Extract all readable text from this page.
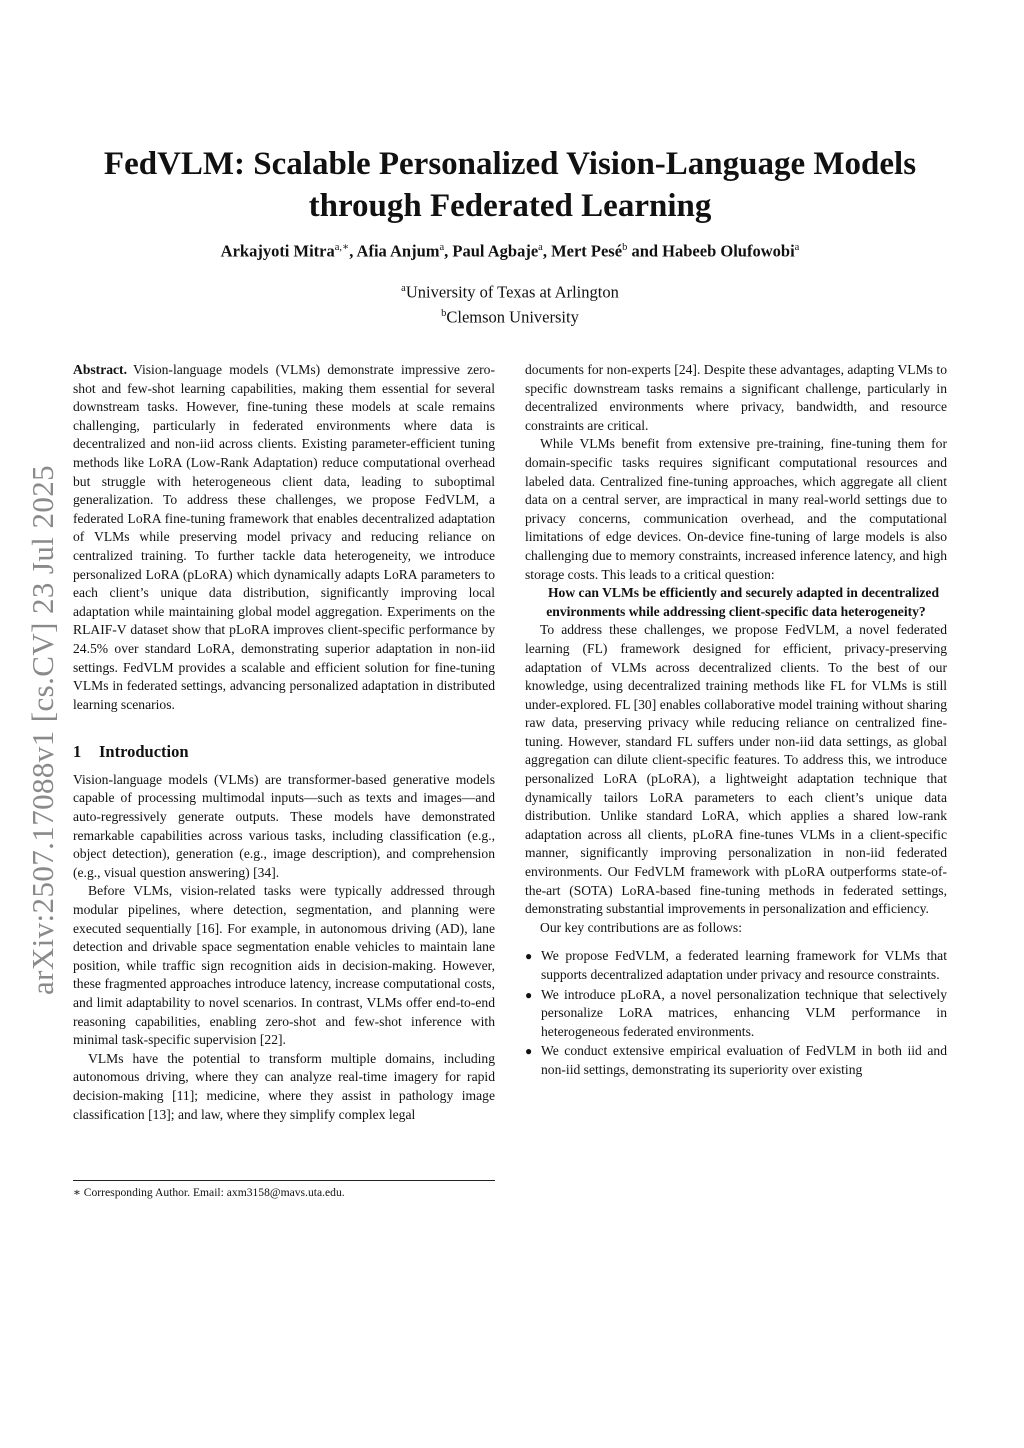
arXiv:2507.17088v1 [cs.CV] 23 Jul 2025
FedVLM: Scalable Personalized Vision-Language Models
through Federated Learning
Arkajyoti Mitra$^{a,∗}$, Afia Anjum$^a$, Paul Agbaje$^a$, Mert Pesé$^b$ and Habeeb Olufowobi$^a$
$^a$University of Texas at Arlington
$^b$Clemson University

Abstract. Vision-language models (VLMs) demonstrate impressive zero-shot and few-shot learning capabilities, making them essential for several downstream tasks. However, fine-tuning these models at scale remains challenging, particularly in federated environments where data is decentralized and non-iid across clients. Existing parameter-efficient tuning methods like LoRA (Low-Rank Adaptation) reduce computational overhead but struggle with heterogeneous client data, leading to suboptimal generalization. To address these challenges, we propose FedVLM, a federated LoRA fine-tuning framework that enables decentralized adaptation of VLMs while preserving model privacy and reducing reliance on centralized training. To further tackle data heterogeneity, we introduce personalized LoRA (pLoRA) which dynamically adapts LoRA parameters to each client’s unique data distribution, significantly improving local adaptation while maintaining global model aggregation. Experiments on the RLAIF-V dataset show that pLoRA improves client-specific performance by 24.5% over standard LoRA, demonstrating superior adaptation in non-iid settings. FedVLM provides a scalable and efficient solution for fine-tuning VLMs in federated settings, advancing personalized adaptation in distributed learning scenarios.

1 Introduction

Vision-language models (VLMs) are transformer-based generative models capable of processing multimodal inputs—such as texts and images—and auto-regressively generate outputs. These models have demonstrated remarkable capabilities across various tasks, including classification (e.g., object detection), generation (e.g., image description), and comprehension (e.g., visual question answering) [34].

Before VLMs, vision-related tasks were typically addressed through modular pipelines, where detection, segmentation, and planning were executed sequentially [16]. For example, in autonomous driving (AD), lane detection and drivable space segmentation enable vehicles to maintain lane position, while traffic sign recognition aids in decision-making. However, these fragmented approaches introduce latency, increase computational costs, and limit adaptability to novel scenarios. In contrast, VLMs offer end-to-end reasoning capabilities, enabling zero-shot and few-shot inference with minimal task-specific supervision [22].

VLMs have the potential to transform multiple domains, including autonomous driving, where they can analyze real-time imagery for rapid decision-making [11]; medicine, where they assist in pathology image classification [13]; and law, where they simplify complex legal

∗ Corresponding Author. Email: axm3158@mavs.uta.edu.

documents for non-experts [24]. Despite these advantages, adapting VLMs to specific downstream tasks remains a significant challenge, particularly in decentralized environments where privacy, bandwidth, and resource constraints are critical.

While VLMs benefit from extensive pre-training, fine-tuning them for domain-specific tasks requires significant computational resources and labeled data. Centralized fine-tuning approaches, which aggregate all client data on a central server, are impractical in many real-world settings due to privacy concerns, communication overhead, and the computational limitations of edge devices. On-device fine-tuning of large models is also challenging due to memory constraints, increased inference latency, and high storage costs. This leads to a critical question:

How can VLMs be efficiently and securely adapted in decentralized environments while addressing client-specific data heterogeneity?

To address these challenges, we propose FedVLM, a novel federated learning (FL) framework designed for efficient, privacy-preserving adaptation of VLMs across decentralized clients. To the best of our knowledge, using decentralized training methods like FL for VLMs is still under-explored. FL [30] enables collaborative model training without sharing raw data, preserving privacy while reducing reliance on centralized fine-tuning. However, standard FL suffers under non-iid data settings, as global aggregation can dilute client-specific features. To address this, we introduce personalized LoRA (pLoRA), a lightweight adaptation technique that dynamically tailors LoRA parameters to each client’s unique data distribution. Unlike standard LoRA, which applies a shared low-rank adaptation across all clients, pLoRA fine-tunes VLMs in a client-specific manner, significantly improving personalization in non-iid federated environments. Our FedVLM framework with pLoRA outperforms state-of-the-art (SOTA) LoRA-based fine-tuning methods in federated settings, demonstrating substantial improvements in personalization and efficiency.

Our key contributions are as follows:

● We propose FedVLM, a federated learning framework for VLMs that supports decentralized adaptation under privacy and resource constraints.
● We introduce pLoRA, a novel personalization technique that selectively personalize LoRA matrices, enhancing VLM performance in heterogeneous federated environments.
● We conduct extensive empirical evaluation of FedVLM in both iid and non-iid settings, demonstrating its superiority over existing
